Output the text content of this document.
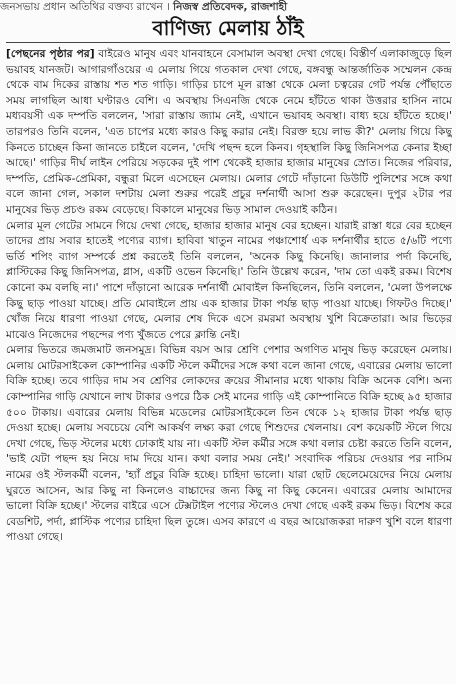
জনসভায় প্রধান অতিথির বক্তব্য রাখেন । নিজস্ব প্রতিবেদক, রাজশাহী
বাণিজ্য মেলায় ঠাঁই

[পেছনের পৃষ্ঠার পর] বাইরেও মানুষ এবং যানবাহনে বেসামাল অবস্থা দেখা গেছে। বিস্তীর্ণ এলাকাজুড়ে ছিল ভয়াবহ যানজট। আগারগাঁওয়ের এ মেলায় গিয়ে গতকাল দেখা গেছে, বঙ্গবন্ধু আন্তর্জাতিক সম্মেলন কেন্দ্র থেকে বাম দিকের রাস্তায় শত শত গাড়ি। গাড়ির চাপে মূল রাস্তা থেকে মেলা চত্বরের গেট পর্যন্ত পৌঁছাতে সময় লাগছিল আধা ঘণ্টারও বেশি। এ অবস্থায় সিএনজি থেকে নেমে হাঁটতে থাকা উত্তরার হাসিন নামে মধ্যবয়সী এক দম্পতি বললেন, 'সারা রাস্তায় জ্যাম নেই, এখানে ভয়াবহ অবস্থা। বাধ্য হয়ে হাঁটতে হচ্ছে।' তারপরও তিনি বলেন, 'এত চাপের মধ্যে কারও কিছু করার নেই। বিরক্ত হয়ে লাভ কী?' মেলায় গিয়ে কিছু কিনতে চাচ্ছেন কিনা জানতে চাইলে বলেন, 'দেখি পছন্দ হলে কিনব। গৃহস্থালি কিছু জিনিসপত্র কেনার ইচ্ছা আছে।' গাড়ির দীর্ঘ লাইন পেরিয়ে সড়কের দুই পাশ থেকেই হাজার হাজার মানুষের স্রোত। নিজের পরিবার, দম্পতি, প্রেমিক-প্রেমিকা, বন্ধুরা মিলে এসেছেন মেলায়। মেলার গেটে দাঁড়ানো ডিউটি পুলিশের সঙ্গে কথা বলে জানা গেল, সকাল দশটায় মেলা শুরুর পরেই প্রচুর দর্শনার্থী আসা শুরু করেছেন। দুপুর ২টার পর মানুষের ভিড় প্রচণ্ড রকম বেড়েছে। বিকালে মানুষের ভিড় সামাল দেওয়াই কঠিন।

মেলার মূল গেটের সামনে গিয়ে দেখা গেছে, হাজার হাজার মানুষ বের হচ্ছেন। যারাই রাস্তা ধরে বের হচ্ছেন তাদের প্রায় সবার হাতেই পণ্যের ব্যাগ। হাবিবা খাতুন নামের পঞ্চাশোর্ধ এক দর্শনার্থীর হাতে ৫/৬টি পণ্যে ভর্তি শপিং ব্যাগ সম্পর্কে প্রশ্ন করতেই তিনি বললেন, 'অনেক কিছু কিনেছি। জানালার পর্দা কিনেছি, প্লাস্টিকের কিছু জিনিসপত্র, গ্লাস, একটি ওভেন কিনেছি।' তিনি উল্লেখ করেন, 'দাম তো একই রকম। বিশেষ কোনো কম বলছি না।' পাশে দাঁড়ানো আরেক দর্শনার্থী মোবাইল কিনছিলেন, তিনি বললেন, 'মেলা উপলক্ষে কিছু ছাড় পাওয়া যাচ্ছে। প্রতি মোবাইলে প্রায় এক হাজার টাকা পর্যন্ত ছাড় পাওয়া যাচ্ছে। গিফটও দিচ্ছে।' খোঁজ নিয়ে ধারণা পাওয়া গেছে, মেলার শেষ দিকে এসে রমরমা অবস্থায় খুশি বিক্রেতারা। আর ভিড়ের মাঝেও নিজেদের পছন্দের পণ্য খুঁজতে পেরে ক্লান্তি নেই।

মেলার ভিতরে জমজমাট জনসমুদ্র। বিভিন্ন বয়স আর শ্রেণি পেশার অগণিত মানুষ ভিড় করেছেন মেলায়। মেলায় মোটরসাইকেল কোম্পানির একটি স্টলে কর্মীদের সঙ্গে কথা বলে জানা গেছে, এবারের মেলায় ভালো বিক্রি হচ্ছে। তবে গাড়ির দাম সব শ্রেণির লোকদের ক্রয়ের সীমানার মধ্যে থাকায় বিক্রি অনেক বেশি। অন্য কোম্পানির গাড়ি যেখানে লাখ টাকার ওপরে ঠিক সেই মানের গাড়ি এই কোম্পানিতে বিক্রি হচ্ছে ৯৫ হাজার ৫০০ টাকায়। এবারের মেলায় বিভিন্ন মডেলের মোটরসাইকেলে তিন থেকে ১২ হাজার টাকা পর্যন্ত ছাড় দেওয়া হচ্ছে। মেলায় সবচেয়ে বেশি আকর্ষণ লক্ষ্য করা গেছে শিশুদের খেলনায়। বেশ কয়েকটি স্টলে গিয়ে দেখা গেছে, ভিড় স্টলের মধ্যে ঢোকাই যায় না। একটি স্টল কর্মীর সঙ্গে কথা বলার চেষ্টা করতে তিনি বলেন, 'ভাই যেটা পছন্দ হয় নিয়ে দাম দিয়ে যান। কথা বলার সময় নেই।' সংবাদিক পরিচয় দেওয়ার পর নাসিম নামের ওই স্টলকর্মী বলেন, 'হ্যাঁ প্রচুর বিক্রি হচ্ছে। চাহিদা ভালো। যারা ছোট ছেলেমেয়েদের নিয়ে মেলায় ঘুরতে আসেন, আর কিছু না কিনলেও বাচ্চাদের জন্য কিছু না কিছু কেনেন। এবারের মেলায় আমাদের ভালো বিক্রি হচ্ছে।' স্টলের বাইরে এসে টেক্সটাইল পণ্যের স্টলেও দেখা গেছে একই রকম ভিড়। বিশেষ করে বেডশিট, পর্দা, প্লাস্টিক পণ্যের চাহিদা ছিল তুঙ্গে। এসব কারণে এ বছর আয়োজকরা দারুণ খুশি বলে ধারণা পাওয়া গেছে।
